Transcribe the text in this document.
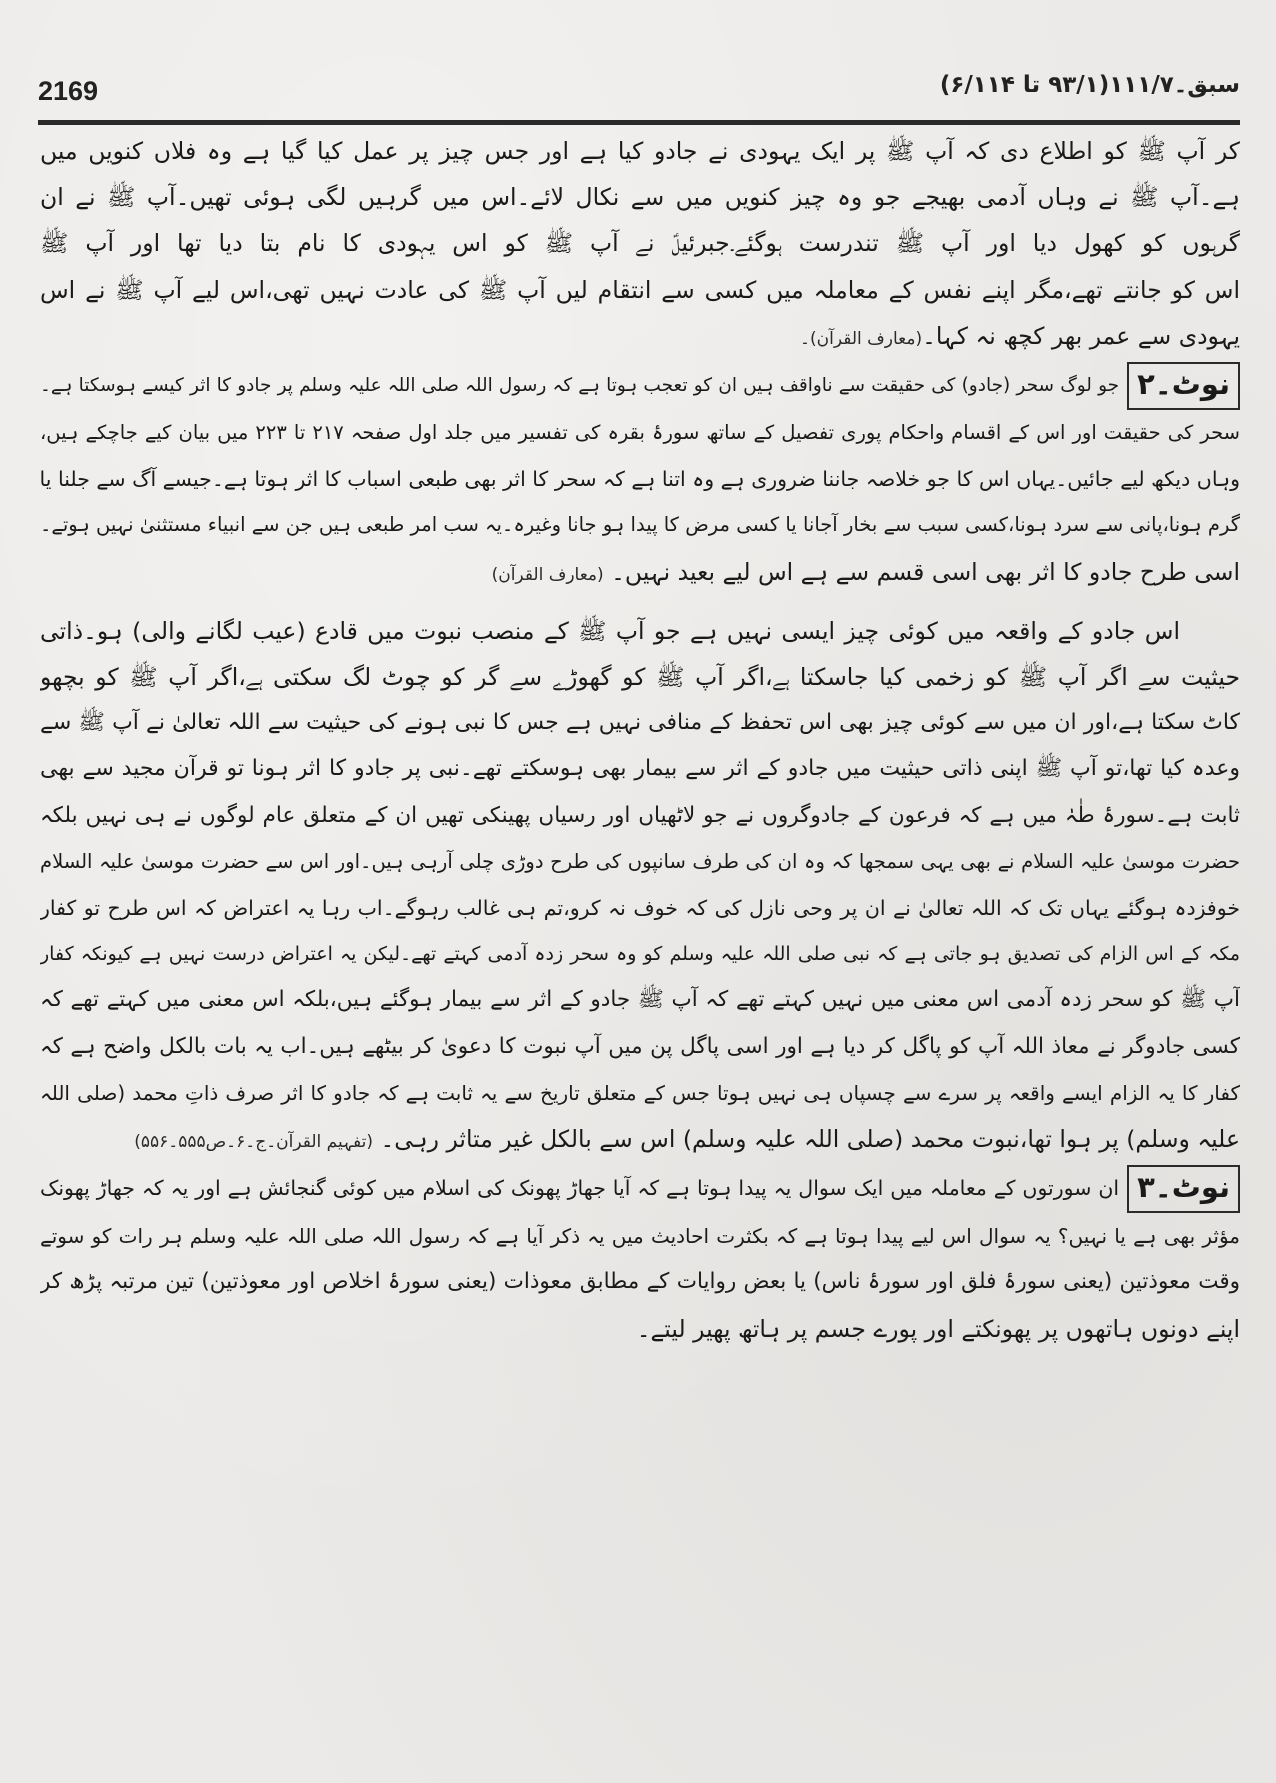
2169	سبق۔۱۱۱/۷(۹۳/۱ تا ۶/۱۱۴)
کر آپ ﷺ کو اطلاع دی کہ آپ ﷺ پر ایک یہودی نے جادو کیا ہے اور جس چیز پر عمل کیا گیا ہے وہ فلاں کنویں میں
ہے۔آپ ﷺ نے وہاں آدمی بھیجے جو وہ چیز کنویں میں سے نکال لائے۔اس میں گرہیں لگی ہوئی تھیں۔آپ ﷺ نے ان
گرہوں کو کھول دیا اور آپ ﷺ تندرست ہوگئے۔جبرئیلؑ نے آپ ﷺ کو اس یہودی کا نام بتا دیا تھا اور آپ ﷺ
اس کو جانتے تھے،مگر اپنے نفس کے معاملہ میں کسی سے انتقام لیں آپ ﷺ کی عادت نہیں تھی،اس لیے آپ ﷺ نے اس
یہودی سے عمر بھر کچھ نہ کہا۔(معارف القرآن)۔
نوٹ۔۲جو لوگ سحر (جادو) کی حقیقت سے ناواقف ہیں ان کو تعجب ہوتا ہے کہ رسول اللہ صلی اللہ علیہ وسلم پر جادو کا اثر کیسے ہوسکتا ہے۔
سحر کی حقیقت اور اس کے اقسام واحکام پوری تفصیل کے ساتھ سورۂ بقرہ کی تفسیر میں جلد اول صفحہ ۲۱۷ تا ۲۲۳ میں بیان کیے جاچکے ہیں،
وہاں دیکھ لیے جائیں۔یہاں اس کا جو خلاصہ جاننا ضروری ہے وہ اتنا ہے کہ سحر کا اثر بھی طبعی اسباب کا اثر ہوتا ہے۔جیسے آگ سے جلنا یا
گرم ہونا،پانی سے سرد ہونا،کسی سبب سے بخار آجانا یا کسی مرض کا پیدا ہو جانا وغیرہ۔یہ سب امر طبعی ہیں جن سے انبیاء مستثنیٰ نہیں ہوتے۔
اسی طرح جادو کا اثر بھی اسی قسم سے ہے اس لیے بعید نہیں۔ (معارف القرآن)
اس جادو کے واقعہ میں کوئی چیز ایسی نہیں ہے جو آپ ﷺ کے منصب نبوت میں قادع (عیب لگانے والی) ہو۔ذاتی
حیثیت سے اگر آپ ﷺ کو زخمی کیا جاسکتا ہے،اگر آپ ﷺ کو گھوڑے سے گر کو چوٹ لگ سکتی ہے،اگر آپ ﷺ کو بچھو
کاٹ سکتا ہے،اور ان میں سے کوئی چیز بھی اس تحفظ کے منافی نہیں ہے جس کا نبی ہونے کی حیثیت سے اللہ تعالیٰ نے آپ ﷺ سے
وعدہ کیا تھا،تو آپ ﷺ اپنی ذاتی حیثیت میں جادو کے اثر سے بیمار بھی ہوسکتے تھے۔نبی پر جادو کا اثر ہونا تو قرآن مجید سے بھی
ثابت ہے۔سورۂ طٰہٰ میں ہے کہ فرعون کے جادوگروں نے جو لاٹھیاں اور رسیاں پھینکی تھیں ان کے متعلق عام لوگوں نے ہی نہیں بلکہ
حضرت موسیٰ علیہ السلام نے بھی یہی سمجھا کہ وہ ان کی طرف سانپوں کی طرح دوڑی چلی آرہی ہیں۔اور اس سے حضرت موسیٰ علیہ السلام
خوفزدہ ہوگئے یہاں تک کہ اللہ تعالیٰ نے ان پر وحی نازل کی کہ خوف نہ کرو،تم ہی غالب رہوگے۔اب رہا یہ اعتراض کہ اس طرح تو کفار
مکہ کے اس الزام کی تصدیق ہو جاتی ہے کہ نبی صلی اللہ علیہ وسلم کو وہ سحر زدہ آدمی کہتے تھے۔لیکن یہ اعتراض درست نہیں ہے کیونکہ کفار
آپ ﷺ کو سحر زدہ آدمی اس معنی میں نہیں کہتے تھے کہ آپ ﷺ جادو کے اثر سے بیمار ہوگئے ہیں،بلکہ اس معنی میں کہتے تھے کہ
کسی جادوگر نے معاذ اللہ آپ کو پاگل کر دیا ہے اور اسی پاگل پن میں آپ نبوت کا دعویٰ کر بیٹھے ہیں۔اب یہ بات بالکل واضح ہے کہ
کفار کا یہ الزام ایسے واقعہ پر سرے سے چسپاں ہی نہیں ہوتا جس کے متعلق تاریخ سے یہ ثابت ہے کہ جادو کا اثر صرف ذاتِ محمد (صلی اللہ
علیہ وسلم) پر ہوا تھا،نبوت محمد (صلی اللہ علیہ وسلم) اس سے بالکل غیر متاثر رہی۔ (تفہیم القرآن۔ج۔۶۔ص۵۵۵۔۵۵۶)
نوٹ۔۳ان سورتوں کے معاملہ میں ایک سوال یہ پیدا ہوتا ہے کہ آیا جھاڑ پھونک کی اسلام میں کوئی گنجائش ہے اور یہ کہ جھاڑ پھونک
مؤثر بھی ہے یا نہیں؟ یہ سوال اس لیے پیدا ہوتا ہے کہ بکثرت احادیث میں یہ ذکر آیا ہے کہ رسول اللہ صلی اللہ علیہ وسلم ہر رات کو سوتے
وقت معوذتین (یعنی سورۂ فلق اور سورۂ ناس) یا بعض روایات کے مطابق معوذات (یعنی سورۂ اخلاص اور معوذتین) تین مرتبہ پڑھ کر
اپنے دونوں ہاتھوں پر پھونکتے اور پورے جسم پر ہاتھ پھیر لیتے۔
